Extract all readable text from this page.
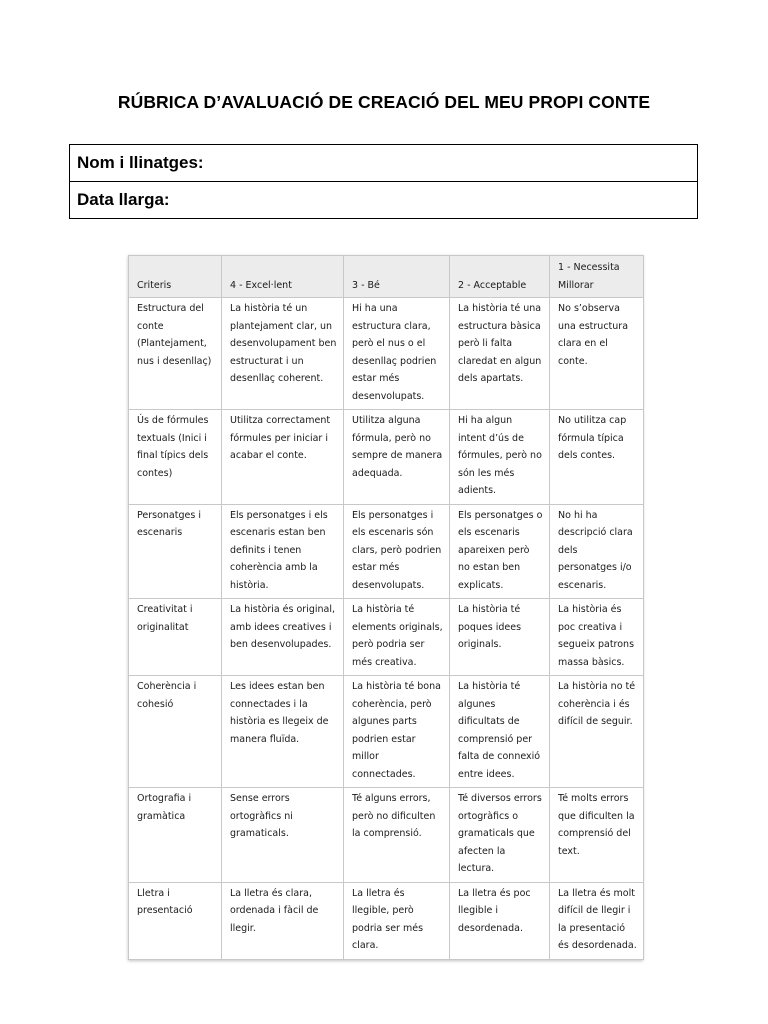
RÚBRICA D’AVALUACIÓ DE CREACIÓ DEL MEU PROPI CONTE
Nom i llinatges:
Data llarga:
Criteris	4 - Excel·lent	3 - Bé	2 - Acceptable	1 - Necessita Millorar
Estructura del conte (Plantejament, nus i desenllaç)	La història té un plantejament clar, un desenvolupament ben estructurat i un desenllaç coherent.	Hi ha una estructura clara, però el nus o el desenllaç podrien estar més desenvolupats.	La història té una estructura bàsica però li falta claredat en algun dels apartats.	No s’observa una estructura clara en el conte.
Ús de fórmules textuals (Inici i final típics dels contes)	Utilitza correctament fórmules per iniciar i acabar el conte.	Utilitza alguna fórmula, però no sempre de manera adequada.	Hi ha algun intent d’ús de fórmules, però no són les més adients.	No utilitza cap fórmula típica dels contes.
Personatges i escenaris	Els personatges i els escenaris estan ben definits i tenen coherència amb la història.	Els personatges i els escenaris són clars, però podrien estar més desenvolupats.	Els personatges o els escenaris apareixen però no estan ben explicats.	No hi ha descripció clara dels personatges i/o escenaris.
Creativitat i originalitat	La història és original, amb idees creatives i ben desenvolupades.	La història té elements originals, però podria ser més creativa.	La història té poques idees originals.	La història és poc creativa i segueix patrons massa bàsics.
Coherència i cohesió	Les idees estan ben connectades i la història es llegeix de manera fluïda.	La història té bona coherència, però algunes parts podrien estar millor connectades.	La història té algunes dificultats de comprensió per falta de connexió entre idees.	La història no té coherència i és difícil de seguir.
Ortografia i gramàtica	Sense errors ortogràfics ni gramaticals.	Té alguns errors, però no dificulten la comprensió.	Té diversos errors ortogràfics o gramaticals que afecten la lectura.	Té molts errors que dificulten la comprensió del text.
Lletra i presentació	La lletra és clara, ordenada i fàcil de llegir.	La lletra és llegible, però podria ser més clara.	La lletra és poc llegible i desordenada.	La lletra és molt difícil de llegir i la presentació és desordenada.
